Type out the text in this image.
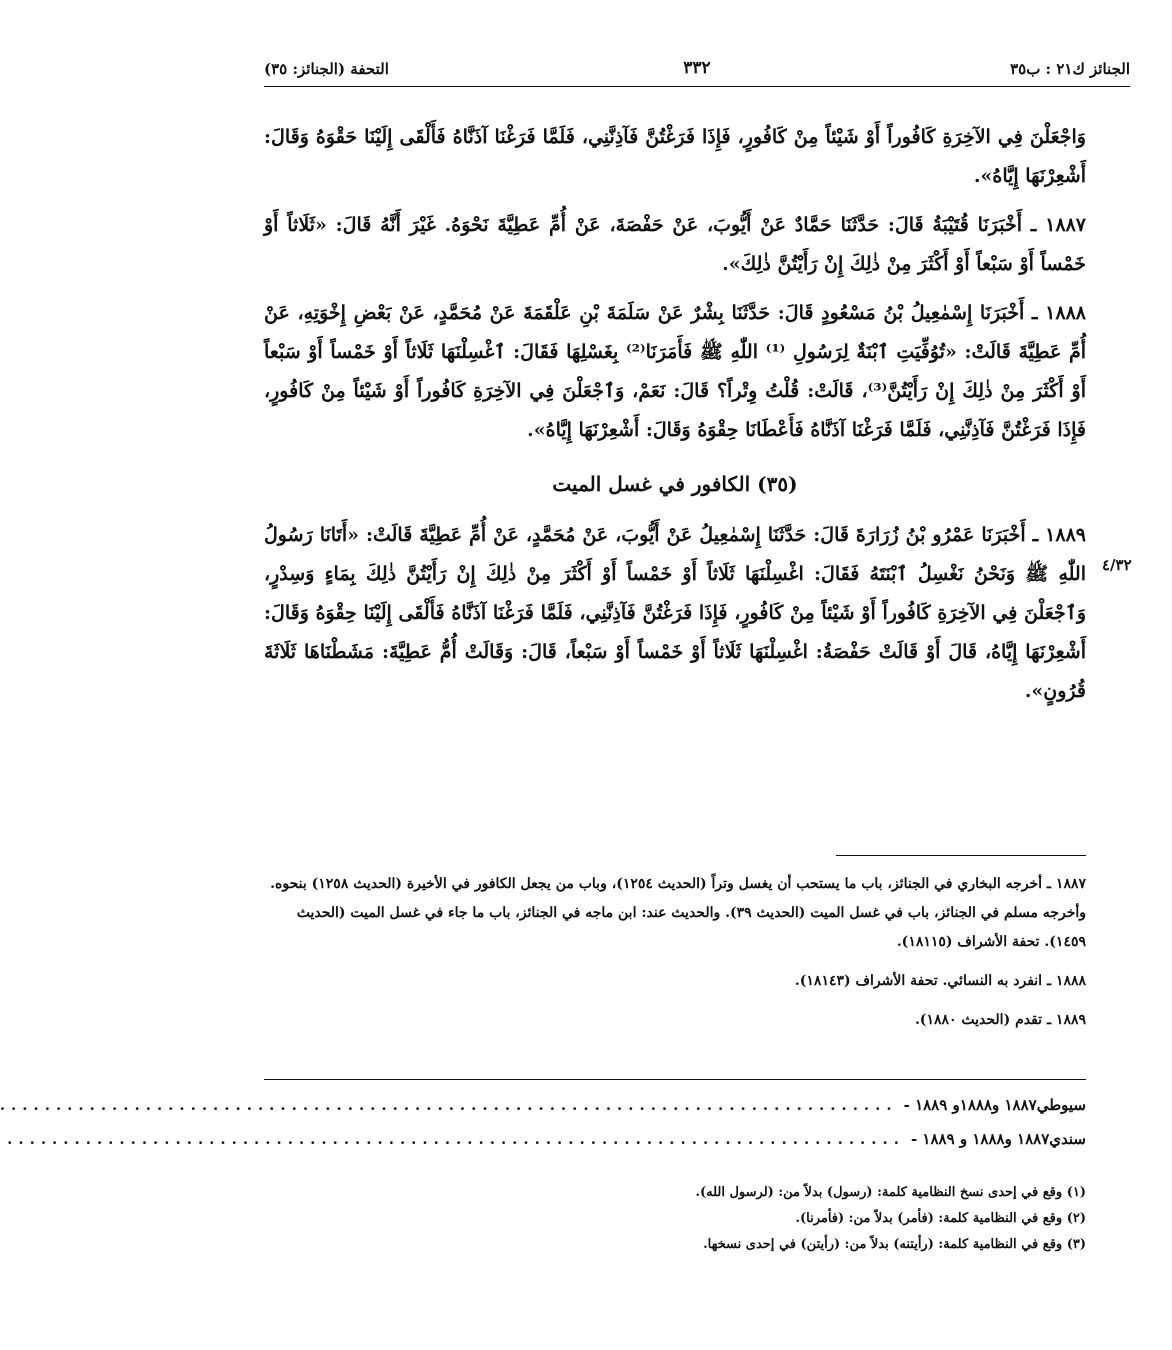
الجنائز ك٢١ : ب٣٥
٣٣٢
التحفة (الجنائز: ٣٥)

وَاجْعَلْنَ فِي الآخِرَةِ كَافُوراً أَوْ شَيْئاً مِنْ كَافُورٍ، فَإِذَا فَرَغْتُنَّ فَآذِنَّنِي، فَلَمَّا فَرَغْنَا آذَنَّاهُ فَأَلْقَى إِلَيْنَا حَقْوَهُ وَقَالَ: أَشْعِرْنَهَا إِيَّاهُ».

١٨٨٧ ـ أَخْبَرَنَا قُتَيْبَةُ قَالَ: حَدَّثَنَا حَمَّادٌ عَنْ أَيُّوبَ، عَنْ حَفْصَةَ، عَنْ أُمِّ عَطِيَّةَ نَحْوَهُ. غَيْرَ أَنَّهُ قَالَ: «ثَلَاثاً أَوْ خَمْساً أَوْ سَبْعاً أَوْ أَكْثَرَ مِنْ ذٰلِكَ إِنْ رَأَيْتُنَّ ذٰلِكَ».

١٨٨٨ ـ أَخْبَرَنَا إِسْمٰعِيلُ بْنُ مَسْعُودٍ قَالَ: حَدَّثَنَا بِشْرٌ عَنْ سَلَمَةَ بْنِ عَلْقَمَةَ عَنْ مُحَمَّدٍ، عَنْ بَعْضِ إِخْوَتِهِ، عَنْ أُمِّ عَطِيَّةَ قَالَتْ: «تُوُفِّيَتِ ٱبْنَةٌ لِرَسُولِ ⁽¹⁾ اللّٰهِ ﷺ فَأَمَرَنَا⁽²⁾ بِغَسْلِهَا فَقَالَ: ٱغْسِلْنَهَا ثَلَاثاً أَوْ خَمْساً أَوْ سَبْعاً أَوْ أَكْثَرَ مِنْ ذٰلِكَ إِنْ رَأَيْتُنَّ⁽³⁾، قَالَتْ: قُلْتُ وِتْراً؟ قَالَ: نَعَمْ، وَٱجْعَلْنَ فِي الآخِرَةِ كَافُوراً أَوْ شَيْئاً مِنْ كَافُورٍ، فَإِذَا فَرَغْتُنَّ فَآذِنَّنِي، فَلَمَّا فَرَغْنَا آذَنَّاهُ فَأَعْطَانَا حِقْوَهُ وَقَالَ: أَشْعِرْنَهَا إِيَّاهُ».

(٣٥) الكافور في غسل الميت

١٨٨٩ ـ أَخْبَرَنَا عَمْرُو بْنُ زُرَارَةَ قَالَ: حَدَّثَنَا إِسْمٰعِيلُ عَنْ أَيُّوبَ، عَنْ مُحَمَّدٍ، عَنْ أُمِّ عَطِيَّةَ قَالَتْ: «أَتَانَا رَسُولُ اللّٰهِ ﷺ وَنَحْنُ نَغْسِلُ ٱبْنَتَهُ فَقَالَ: اغْسِلْنَهَا ثَلَاثاً أَوْ خَمْساً أَوْ أَكْثَرَ مِنْ ذٰلِكَ إِنْ رَأَيْتُنَّ ذٰلِكَ بِمَاءٍ وَسِدْرٍ، وَٱجْعَلْنَ فِي الآخِرَةِ كَافُوراً أَوْ شَيْئاً مِنْ كَافُورٍ، فَإِذَا فَرَغْتُنَّ فَآذِنَّنِي، فَلَمَّا فَرَغْنَا آذَنَّاهُ فَأَلْقَى إِلَيْنَا حِقْوَهُ وَقَالَ: أَشْعِرْنَهَا إِيَّاهُ، قَالَ أَوْ قَالَتْ حَفْصَةُ: اغْسِلْنَهَا ثَلَاثاً أَوْ خَمْساً أَوْ سَبْعاً، قَالَ: وَقَالَتْ أُمُّ عَطِيَّةَ: مَشَطْنَاهَا ثَلَاثَةَ قُرُونٍ».

٤/٣٢

١٨٨٧ ـ أخرجه البخاري في الجنائز، باب ما يستحب أن يغسل وتراً (الحديث ١٢٥٤)، وباب من يجعل الكافور في الأخيرة (الحديث ١٢٥٨) بنحوه. وأخرجه مسلم في الجنائز، باب في غسل الميت (الحديث ٣٩). والحديث عند: ابن ماجه في الجنائز، باب ما جاء في غسل الميت (الحديث ١٤٥٩). تحفة الأشراف (١٨١١٥).

١٨٨٨ ـ انفرد به النسائي. تحفة الأشراف (١٨١٤٣).

١٨٨٩ ـ تقدم (الحديث ١٨٨٠).

سيوطي١٨٨٧ و١٨٨٨و ١٨٨٩ -
................................................................................
سندي١٨٨٧ و١٨٨٨ و ١٨٨٩ -
................................................................................

(١) وقع في إحدى نسخ النظامية كلمة: (رسول) بدلاً من: (لرسول الله).

(٢) وقع في النظامية كلمة: (فأمر) بدلاً من: (فأمرنا).

(٣) وقع في النظامية كلمة: (رأيتنه) بدلاً من: (رأيتن) في إحدى نسخها.
